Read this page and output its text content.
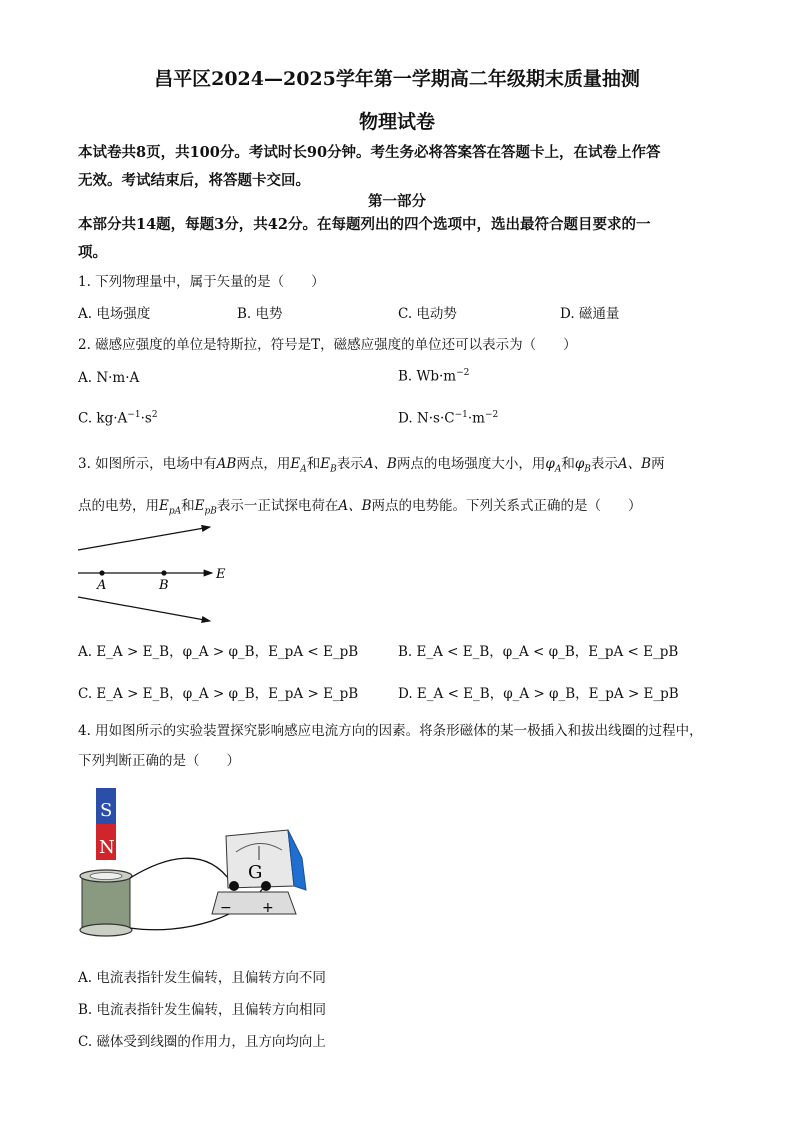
昌平区2024—2025学年第一学期高二年级期末质量抽测
物理试卷
本试卷共8页，共100分。考试时长90分钟。考生务必将答案答在答题卡上，在试卷上作答
无效。考试结束后，将答题卡交回。
第一部分
本部分共14题，每题3分，共42分。在每题列出的四个选项中，选出最符合题目要求的一
项。
1. 下列物理量中，属于矢量的是（　　）
A. 电场强度	B. 电势	C. 电动势	D. 磁通量
2. 磁感应强度的单位是特斯拉，符号是T，磁感应强度的单位还可以表示为（　　）
A. N·m·A	B. $Wb\cdot m^{-2}$
C. $kg\cdot A^{-1}\cdot s^2$	D. $N\cdot s\cdot C^{-1}\cdot m^{-2}$
3. 如图所示，电场中有AB两点，用$E_A$和$E_B$表示A、B两点的电场强度大小，用$\varphi_A$和$\varphi_B$表示A、B两
点的电势，用$E_{pA}$和$E_{pB}$表示一正试探电荷在A、B两点的电势能。下列关系式正确的是（　　）
A	B
E
A. E_A > E_B，φ_A > φ_B，E_pA < E_pB	B. E_A < E_B，φ_A < φ_B，E_pA < E_pB
C. E_A > E_B，φ_A > φ_B，E_pA > E_pB	D. E_A < E_B，φ_A > φ_B，E_pA > E_pB
4. 用如图所示的实验装置探究影响感应电流方向的因素。将条形磁体的某一极插入和拔出线圈的过程中，
下列判断正确的是（　　）
S
N
G
− +
A. 电流表指针发生偏转，且偏转方向不同
B. 电流表指针发生偏转，且偏转方向相同
C. 磁体受到线圈的作用力，且方向均向上
